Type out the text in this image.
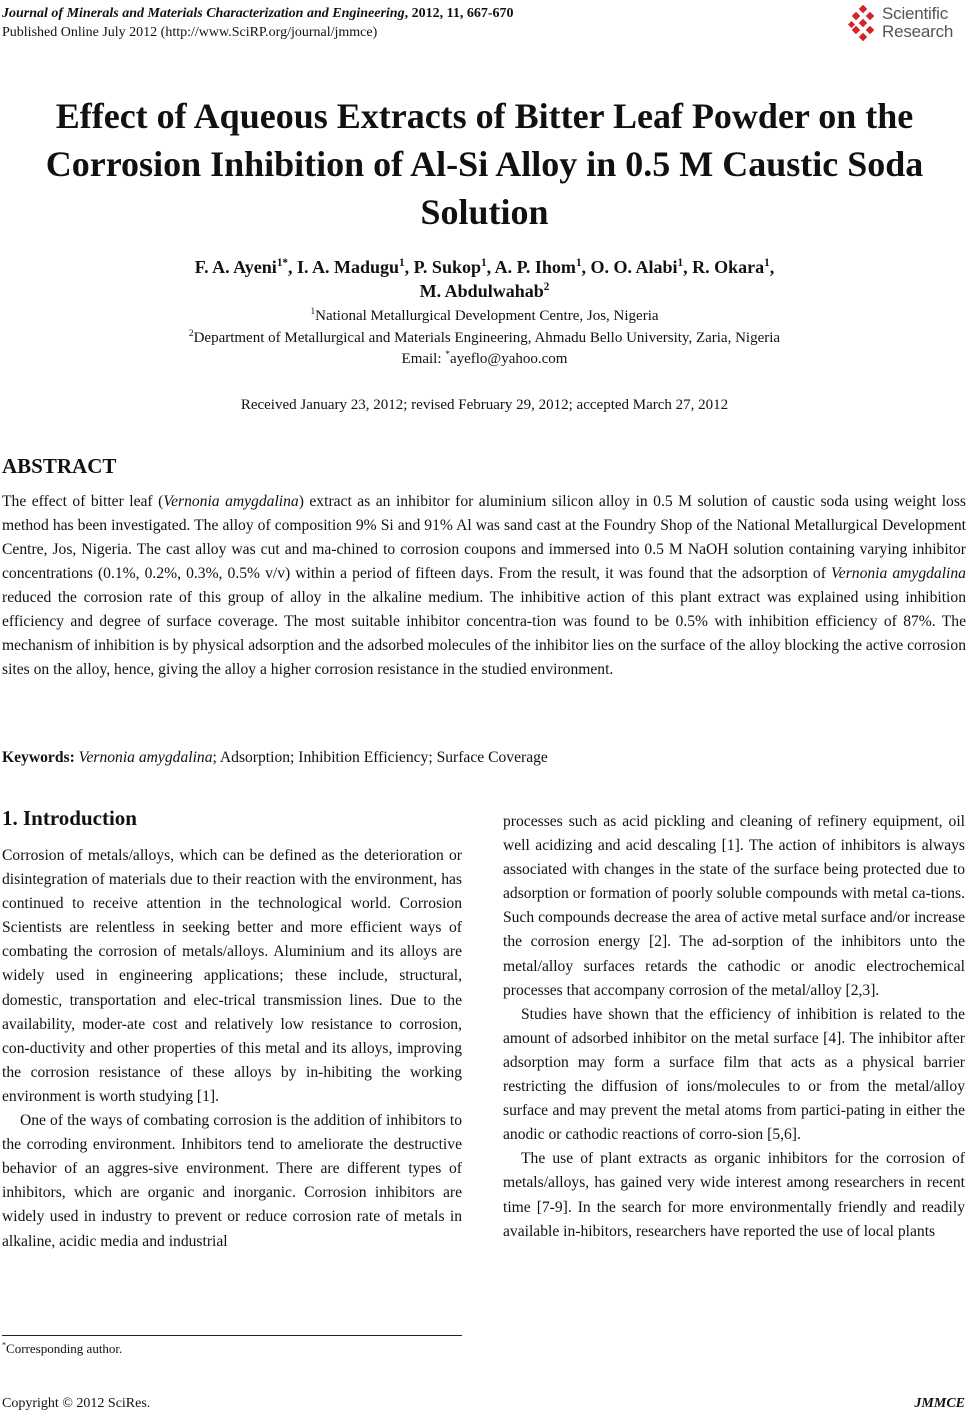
Journal of Minerals and Materials Characterization and Engineering, 2012, 11, 667-670
Published Online July 2012 (http://www.SciRP.org/journal/jmmce)
Scientific
Research
Effect of Aqueous Extracts of Bitter Leaf Powder on the Corrosion Inhibition of Al-Si Alloy in 0.5 M Caustic Soda Solution
F. A. Ayeni$^{1*}$, I. A. Madugu$^1$, P. Sukop$^1$, A. P. Ihom$^1$, O. O. Alabi$^1$, R. Okara$^1$,
M. Abdulwahab$^2$
$^1$National Metallurgical Development Centre, Jos, Nigeria
$^2$Department of Metallurgical and Materials Engineering, Ahmadu Bello University, Zaria, Nigeria
Email: *ayeflo@yahoo.com
Received January 23, 2012; revised February 29, 2012; accepted March 27, 2012
ABSTRACT

The effect of bitter leaf (Vernonia amygdalina) extract as an inhibitor for aluminium silicon alloy in 0.5 M solution of caustic soda using weight loss method has been investigated. The alloy of composition 9% Si and 91% Al was sand cast at the Foundry Shop of the National Metallurgical Development Centre, Jos, Nigeria. The cast alloy was cut and ma-chined to corrosion coupons and immersed into 0.5 M NaOH solution containing varying inhibitor concentrations (0.1%, 0.2%, 0.3%, 0.5% v/v) within a period of fifteen days. From the result, it was found that the adsorption of Vernonia amygdalina reduced the corrosion rate of this group of alloy in the alkaline medium. The inhibitive action of this plant extract was explained using inhibition efficiency and degree of surface coverage. The most suitable inhibitor concentra-tion was found to be 0.5% with inhibition efficiency of 87%. The mechanism of inhibition is by physical adsorption and the adsorbed molecules of the inhibitor lies on the surface of the alloy blocking the active corrosion sites on the alloy, hence, giving the alloy a higher corrosion resistance in the studied environment.

Keywords: Vernonia amygdalina; Adsorption; Inhibition Efficiency; Surface Coverage

1. Introduction

Corrosion of metals/alloys, which can be defined as the deterioration or disintegration of materials due to their reaction with the environment, has continued to receive attention in the technological world. Corrosion Scientists are relentless in seeking better and more efficient ways of combating the corrosion of metals/alloys. Aluminium and its alloys are widely used in engineering applications; these include, structural, domestic, transportation and elec-trical transmission lines. Due to the availability, moder-ate cost and relatively low resistance to corrosion, con-ductivity and other properties of this metal and its alloys, improving the corrosion resistance of these alloys by in-hibiting the working environment is worth studying [1].

One of the ways of combating corrosion is the addition of inhibitors to the corroding environment. Inhibitors tend to ameliorate the destructive behavior of an aggres-sive environment. There are different types of inhibitors, which are organic and inorganic. Corrosion inhibitors are widely used in industry to prevent or reduce corrosion rate of metals in alkaline, acidic media and industrial

processes such as acid pickling and cleaning of refinery equipment, oil well acidizing and acid descaling [1]. The action of inhibitors is always associated with changes in the state of the surface being protected due to adsorption or formation of poorly soluble compounds with metal ca-tions. Such compounds decrease the area of active metal surface and/or increase the corrosion energy [2]. The ad-sorption of the inhibitors unto the metal/alloy surfaces retards the cathodic or anodic electrochemical processes that accompany corrosion of the metal/alloy [2,3].

Studies have shown that the efficiency of inhibition is related to the amount of adsorbed inhibitor on the metal surface [4]. The inhibitor after adsorption may form a surface film that acts as a physical barrier restricting the diffusion of ions/molecules to or from the metal/alloy surface and may prevent the metal atoms from partici-pating in either the anodic or cathodic reactions of corro-sion [5,6].

The use of plant extracts as organic inhibitors for the corrosion of metals/alloys, has gained very wide interest among researchers in recent time [7-9]. In the search for more environmentally friendly and readily available in-hibitors, researchers have reported the use of local plants

*Corresponding author.
Copyright © 2012 SciRes.	JMMCE
